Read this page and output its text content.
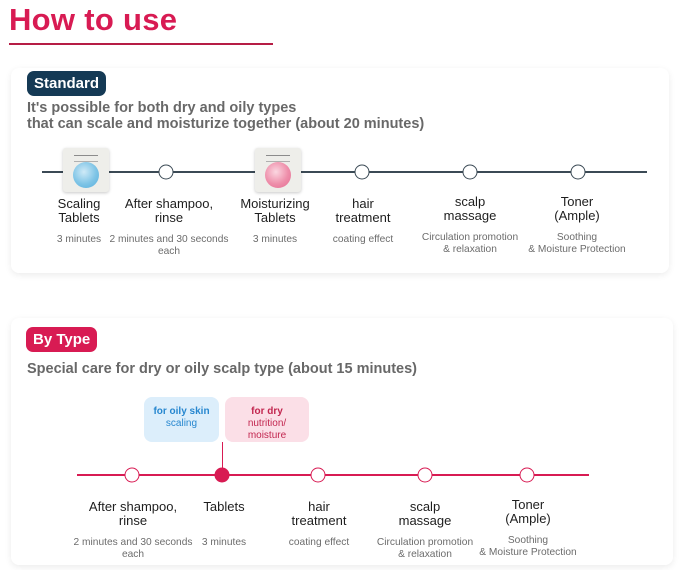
How to use
Standard
It's possible for both dry and oily types
that can scale and moisturize together (about 20 minutes)
Scaling
Tablets
3 minutes
After shampoo,
rinse
2 minutes and 30 seconds
each
Moisturizing
Tablets
3 minutes
hair
treatment
coating effect
scalp
massage
Circulation promotion
& relaxation
Toner
(Ample)
Soothing
& Moisture Protection
By Type
Special care for dry or oily scalp type (about 15 minutes)
for oily skin
scaling
for dry
nutrition/
moisture
After shampoo,
rinse
2 minutes and 30 seconds
each
Tablets
3 minutes
hair
treatment
coating effect
scalp
massage
Circulation promotion
& relaxation
Toner
(Ample)
Soothing
& Moisture Protection
